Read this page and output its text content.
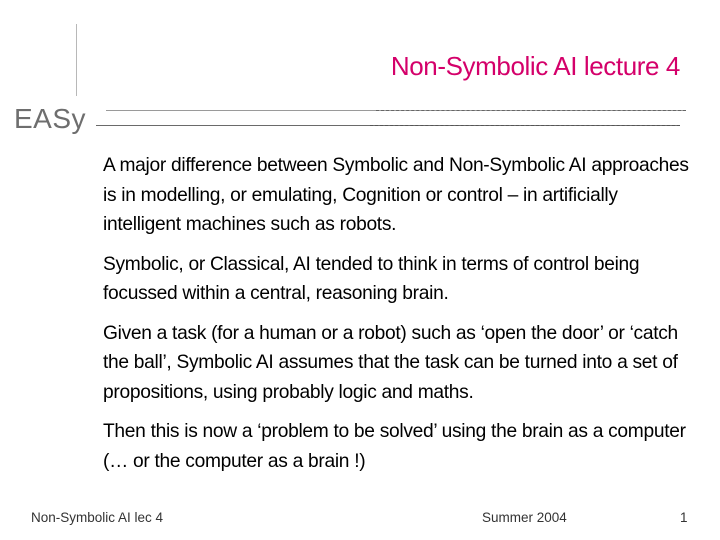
Non-Symbolic AI lecture 4
EASy

A major difference between Symbolic and Non-Symbolic AI approaches is in modelling, or emulating, Cognition or control – in artificially intelligent machines such as robots.

Symbolic, or Classical, AI tended to think in terms of control being focussed within a central, reasoning brain.

Given a task (for a human or a robot) such as ‘open the door’ or ‘catch the ball’, Symbolic AI assumes that the task can be turned into a set of propositions, using probably logic and maths.

Then this is now a ‘problem to be solved’ using the brain as a computer (… or the computer as a brain !)

Non-Symbolic AI lec 4	Summer 2004	1
